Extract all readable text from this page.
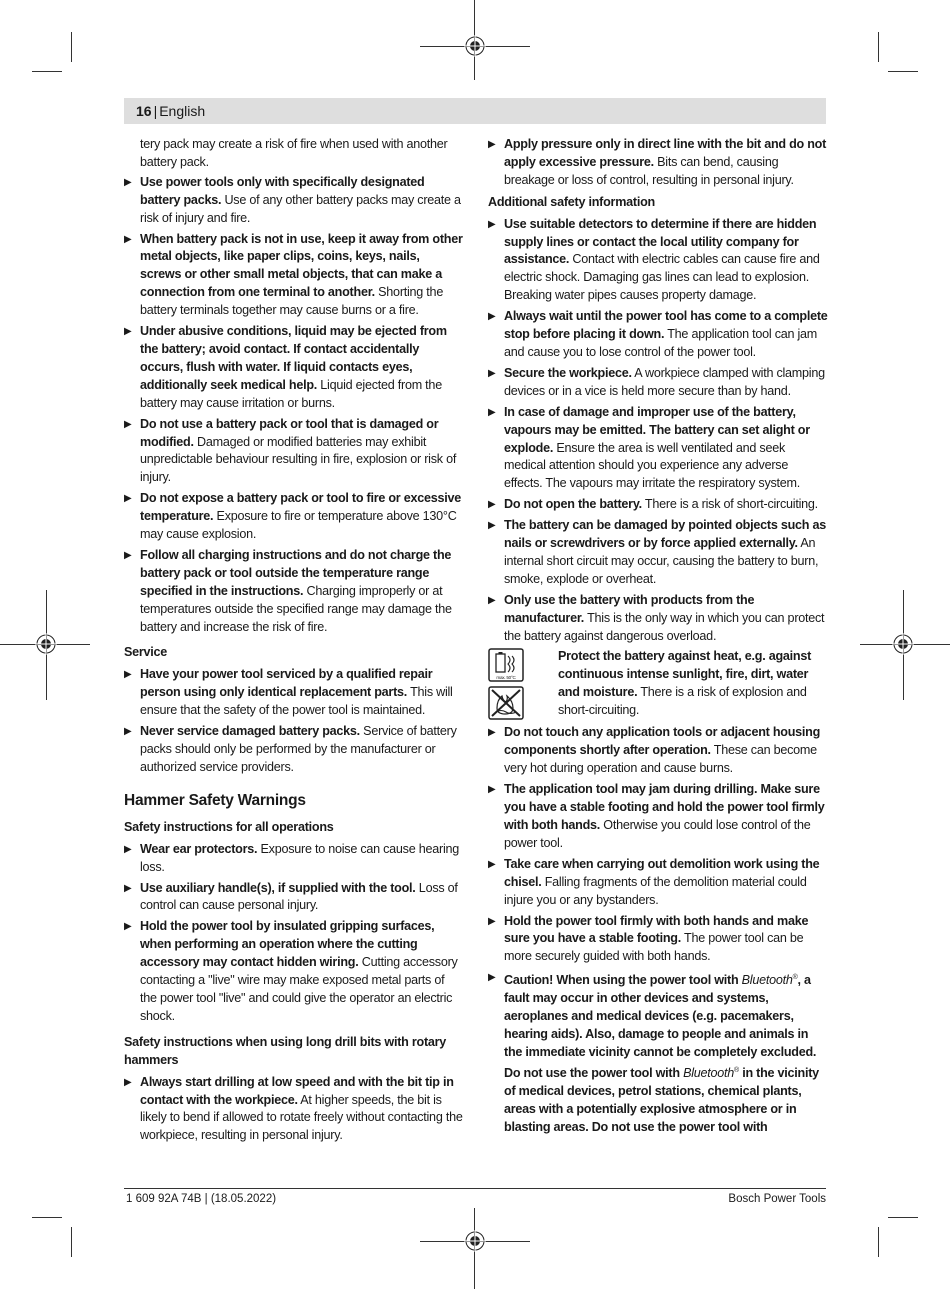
16 | English

tery pack may create a risk of fire when used with another battery pack.

▶ Use power tools only with specifically designated battery packs. Use of any other battery packs may create a risk of injury and fire.

▶ When battery pack is not in use, keep it away from other metal objects, like paper clips, coins, keys, nails, screws or other small metal objects, that can make a connection from one terminal to another. Shorting the battery terminals together may cause burns or a fire.

▶ Under abusive conditions, liquid may be ejected from the battery; avoid contact. If contact accidentally occurs, flush with water. If liquid contacts eyes, additionally seek medical help. Liquid ejected from the battery may cause irritation or burns.

▶ Do not use a battery pack or tool that is damaged or modified. Damaged or modified batteries may exhibit unpredictable behaviour resulting in fire, explosion or risk of injury.

▶ Do not expose a battery pack or tool to fire or excessive temperature. Exposure to fire or temperature above 130°C may cause explosion.

▶ Follow all charging instructions and do not charge the battery pack or tool outside the temperature range specified in the instructions. Charging improperly or at temperatures outside the specified range may damage the battery and increase the risk of fire.

Service

▶ Have your power tool serviced by a qualified repair person using only identical replacement parts. This will ensure that the safety of the power tool is maintained.

▶ Never service damaged battery packs. Service of battery packs should only be performed by the manufacturer or authorized service providers.

Hammer Safety Warnings
Safety instructions for all operations

▶ Wear ear protectors. Exposure to noise can cause hearing loss.

▶ Use auxiliary handle(s), if supplied with the tool. Loss of control can cause personal injury.

▶ Hold the power tool by insulated gripping surfaces, when performing an operation where the cutting accessory may contact hidden wiring. Cutting accessory contacting a "live" wire may make exposed metal parts of the power tool "live" and could give the operator an electric shock.

Safety instructions when using long drill bits with rotary hammers

▶ Always start drilling at low speed and with the bit tip in contact with the workpiece. At higher speeds, the bit is likely to bend if allowed to rotate freely without contacting the workpiece, resulting in personal injury.

▶ Apply pressure only in direct line with the bit and do not apply excessive pressure. Bits can bend, causing breakage or loss of control, resulting in personal injury.

Additional safety information

▶ Use suitable detectors to determine if there are hidden supply lines or contact the local utility company for assistance. Contact with electric cables can cause fire and electric shock. Damaging gas lines can lead to explosion. Breaking water pipes causes property damage.

▶ Always wait until the power tool has come to a complete stop before placing it down. The application tool can jam and cause you to lose control of the power tool.

▶ Secure the workpiece. A workpiece clamped with clamping devices or in a vice is held more secure than by hand.

▶ In case of damage and improper use of the battery, vapours may be emitted. The battery can set alight or explode. Ensure the area is well ventilated and seek medical attention should you experience any adverse effects. The vapours may irritate the respiratory system.

▶ Do not open the battery. There is a risk of short-circuiting.

▶ The battery can be damaged by pointed objects such as nails or screwdrivers or by force applied externally. An internal short circuit may occur, causing the battery to burn, smoke, explode or overheat.

▶ Only use the battery with products from the manufacturer. This is the only way in which you can protect the battery against dangerous overload.

max. 50°C
Protect the battery against heat, e.g. against continuous intense sunlight, fire, dirt, water and moisture. There is a risk of explosion and short-circuiting.

▶ Do not touch any application tools or adjacent housing components shortly after operation. These can become very hot during operation and cause burns.

▶ The application tool may jam during drilling. Make sure you have a stable footing and hold the power tool firmly with both hands. Otherwise you could lose control of the power tool.

▶ Take care when carrying out demolition work using the chisel. Falling fragments of the demolition material could injure you or any bystanders.

▶ Hold the power tool firmly with both hands and make sure you have a stable footing. The power tool can be more securely guided with both hands.

▶ Caution! When using the power tool with Bluetooth®, a fault may occur in other devices and systems, aeroplanes and medical devices (e.g. pacemakers, hearing aids). Also, damage to people and animals in the immediate vicinity cannot be completely excluded. Do not use the power tool with Bluetooth® in the vicinity of medical devices, petrol stations, chemical plants, areas with a potentially explosive atmosphere or in blasting areas. Do not use the power tool with

1 609 92A 74B | (18.05.2022)	Bosch Power Tools
